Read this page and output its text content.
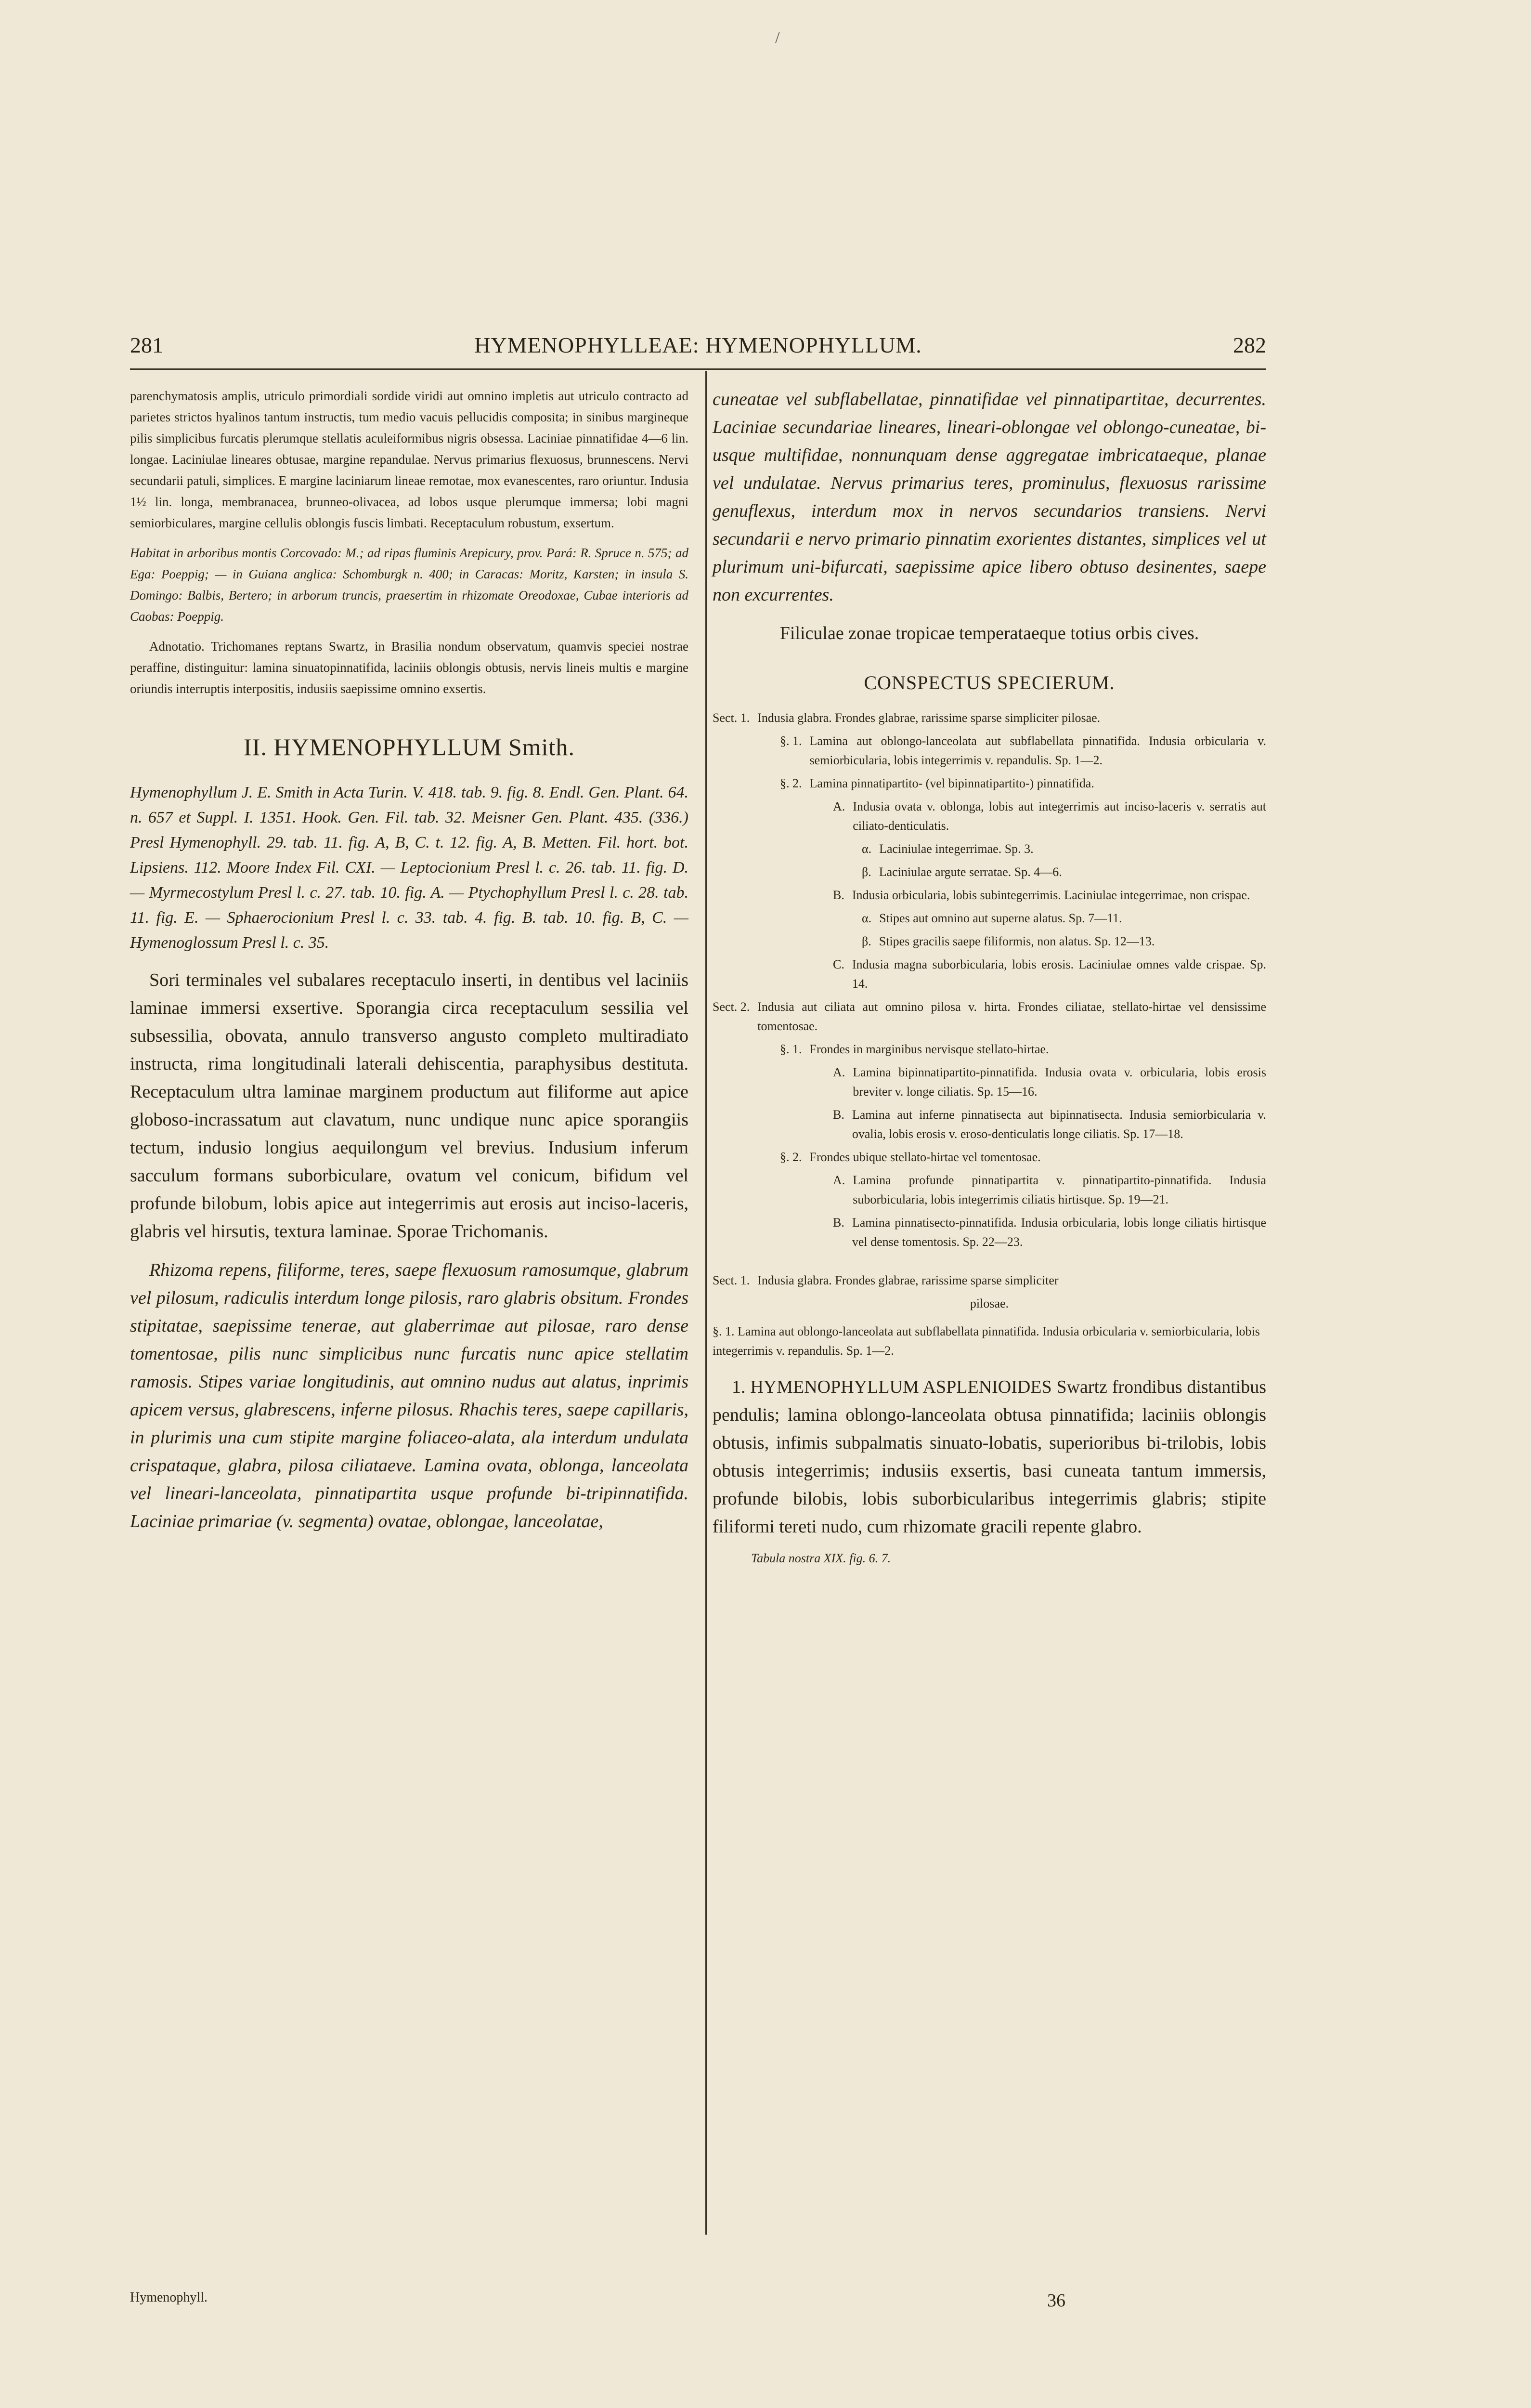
/
281	HYMENOPHYLLEAE: HYMENOPHYLLUM.	282

parenchymatosis amplis, utriculo primordiali sordide viridi aut omnino impletis aut utriculo contracto ad parietes strictos hyalinos tantum instructis, tum medio vacuis pellucidis composita; in sinibus margineque pilis simplicibus furcatis plerumque stellatis aculeiformibus nigris obsessa. Laciniae pinnatifidae 4—6 lin. longae. Laciniulae lineares obtusae, margine repandulae. Nervus primarius flexuosus, brunnescens. Nervi secundarii patuli, simplices. E margine laciniarum lineae remotae, mox evanescentes, raro oriuntur. Indusia 1½ lin. longa, membranacea, brunneo-olivacea, ad lobos usque plerumque immersa; lobi magni semiorbiculares, margine cellulis oblongis fuscis limbati. Receptaculum robustum, exsertum.

Habitat in arboribus montis Corcovado: M.; ad ripas fluminis Arepicury, prov. Pará: R. Spruce n. 575; ad Ega: Poeppig; — in Guiana anglica: Schomburgk n. 400; in Caracas: Moritz, Karsten; in insula S. Domingo: Balbis, Bertero; in arborum truncis, praesertim in rhizomate Oreodoxae, Cubae interioris ad Caobas: Poeppig.

Adnotatio. Trichomanes reptans Swartz, in Brasilia nondum observatum, quamvis speciei nostrae peraffine, distinguitur: lamina sinuatopinnatifida, laciniis oblongis obtusis, nervis lineis multis e margine oriundis interruptis interpositis, indusiis saepissime omnino exsertis.

II. HYMENOPHYLLUM Smith.

Hymenophyllum J. E. Smith in Acta Turin. V. 418. tab. 9. fig. 8. Endl. Gen. Plant. 64. n. 657 et Suppl. I. 1351. Hook. Gen. Fil. tab. 32. Meisner Gen. Plant. 435. (336.) Presl Hymenophyll. 29. tab. 11. fig. A, B, C. t. 12. fig. A, B. Metten. Fil. hort. bot. Lipsiens. 112. Moore Index Fil. CXI. — Leptocionium Presl l. c. 26. tab. 11. fig. D. — Myrmecostylum Presl l. c. 27. tab. 10. fig. A. — Ptychophyllum Presl l. c. 28. tab. 11. fig. E. — Sphaerocionium Presl l. c. 33. tab. 4. fig. B. tab. 10. fig. B, C. — Hymenoglossum Presl l. c. 35.

Sori terminales vel subalares receptaculo inserti, in dentibus vel laciniis laminae immersi exsertive. Sporangia circa receptaculum sessilia vel subsessilia, obovata, annulo transverso angusto completo multiradiato instructa, rima longitudinali laterali dehiscentia, paraphysibus destituta. Receptaculum ultra laminae marginem productum aut filiforme aut apice globoso-incrassatum aut clavatum, nunc undique nunc apice sporangiis tectum, indusio longius aequilongum vel brevius. Indusium inferum sacculum formans suborbiculare, ovatum vel conicum, bifidum vel profunde bilobum, lobis apice aut integerrimis aut erosis aut inciso-laceris, glabris vel hirsutis, textura laminae. Sporae Trichomanis.

Rhizoma repens, filiforme, teres, saepe flexuosum ramosumque, glabrum vel pilosum, radiculis interdum longe pilosis, raro glabris obsitum. Frondes stipitatae, saepissime tenerae, aut glaberrimae aut pilosae, raro dense tomentosae, pilis nunc simplicibus nunc furcatis nunc apice stellatim ramosis. Stipes variae longitudinis, aut omnino nudus aut alatus, inprimis apicem versus, glabrescens, inferne pilosus. Rhachis teres, saepe capillaris, in plurimis una cum stipite margine foliaceo-alata, ala interdum undulata crispataque, glabra, pilosa ciliataeve. Lamina ovata, oblonga, lanceolata vel lineari-lanceolata, pinnatipartita usque profunde bi-tripinnatifida. Laciniae primariae (v. segmenta) ovatae, oblongae, lanceolatae,

cuneatae vel subflabellatae, pinnatifidae vel pinnatipartitae, decurrentes. Laciniae secundariae lineares, lineari-oblongae vel oblongo-cuneatae, bi-usque multifidae, nonnunquam dense aggregatae imbricataeque, planae vel undulatae. Nervus primarius teres, prominulus, flexuosus rarissime genuflexus, interdum mox in nervos secundarios transiens. Nervi secundarii e nervo primario pinnatim exorientes distantes, simplices vel ut plurimum uni-bifurcati, saepissime apice libero obtuso desinentes, saepe non excurrentes.

Filiculae zonae tropicae temperataeque totius orbis cives.

CONSPECTUS SPECIERUM.
Sect. 1. Indusia glabra. Frondes glabrae, rarissime sparse simpliciter pilosae.
§. 1. Lamina aut oblongo-lanceolata aut subflabellata pinnatifida. Indusia orbicularia v. semiorbicularia, lobis integerrimis v. repandulis. Sp. 1—2.
§. 2. Lamina pinnatipartito- (vel bipinnatipartito-) pinnatifida.
A. Indusia ovata v. oblonga, lobis aut integerrimis aut inciso-laceris v. serratis aut ciliato-denticulatis.
α. Laciniulae integerrimae. Sp. 3.
β. Laciniulae argute serratae. Sp. 4—6.
B. Indusia orbicularia, lobis subintegerrimis. Laciniulae integerrimae, non crispae.
α. Stipes aut omnino aut superne alatus. Sp. 7—11.
β. Stipes gracilis saepe filiformis, non alatus. Sp. 12—13.
C. Indusia magna suborbicularia, lobis erosis. Laciniulae omnes valde crispae. Sp. 14.
Sect. 2. Indusia aut ciliata aut omnino pilosa v. hirta. Frondes ciliatae, stellato-hirtae vel densissime tomentosae.
§. 1. Frondes in marginibus nervisque stellato-hirtae.
A. Lamina bipinnatipartito-pinnatifida. Indusia ovata v. orbicularia, lobis erosis breviter v. longe ciliatis. Sp. 15—16.
B. Lamina aut inferne pinnatisecta aut bipinnatisecta. Indusia semiorbicularia v. ovalia, lobis erosis v. eroso-denticulatis longe ciliatis. Sp. 17—18.
§. 2. Frondes ubique stellato-hirtae vel tomentosae.
A. Lamina profunde pinnatipartita v. pinnatipartito-pinnatifida. Indusia suborbicularia, lobis integerrimis ciliatis hirtisque. Sp. 19—21.
B. Lamina pinnatisecto-pinnatifida. Indusia orbicularia, lobis longe ciliatis hirtisque vel dense tomentosis. Sp. 22—23.
Sect. 1. Indusia glabra. Frondes glabrae, rarissime sparse simpliciter
pilosae.

§. 1. Lamina aut oblongo-lanceolata aut subflabellata pinnatifida. Indusia orbicularia v. semiorbicularia, lobis integerrimis v. repandulis. Sp. 1—2.

1. HYMENOPHYLLUM ASPLENIOIDES Swartz frondibus distantibus pendulis; lamina oblongo-lanceolata obtusa pinnatifida; laciniis oblongis obtusis, infimis subpalmatis sinuato-lobatis, superioribus bi-trilobis, lobis obtusis integerrimis; indusiis exsertis, basi cuneata tantum immersis, profunde bilobis, lobis suborbicularibus integerrimis glabris; stipite filiformi tereti nudo, cum rhizomate gracili repente glabro.

Tabula nostra XIX. fig. 6. 7.
Hymenophyll.	36
